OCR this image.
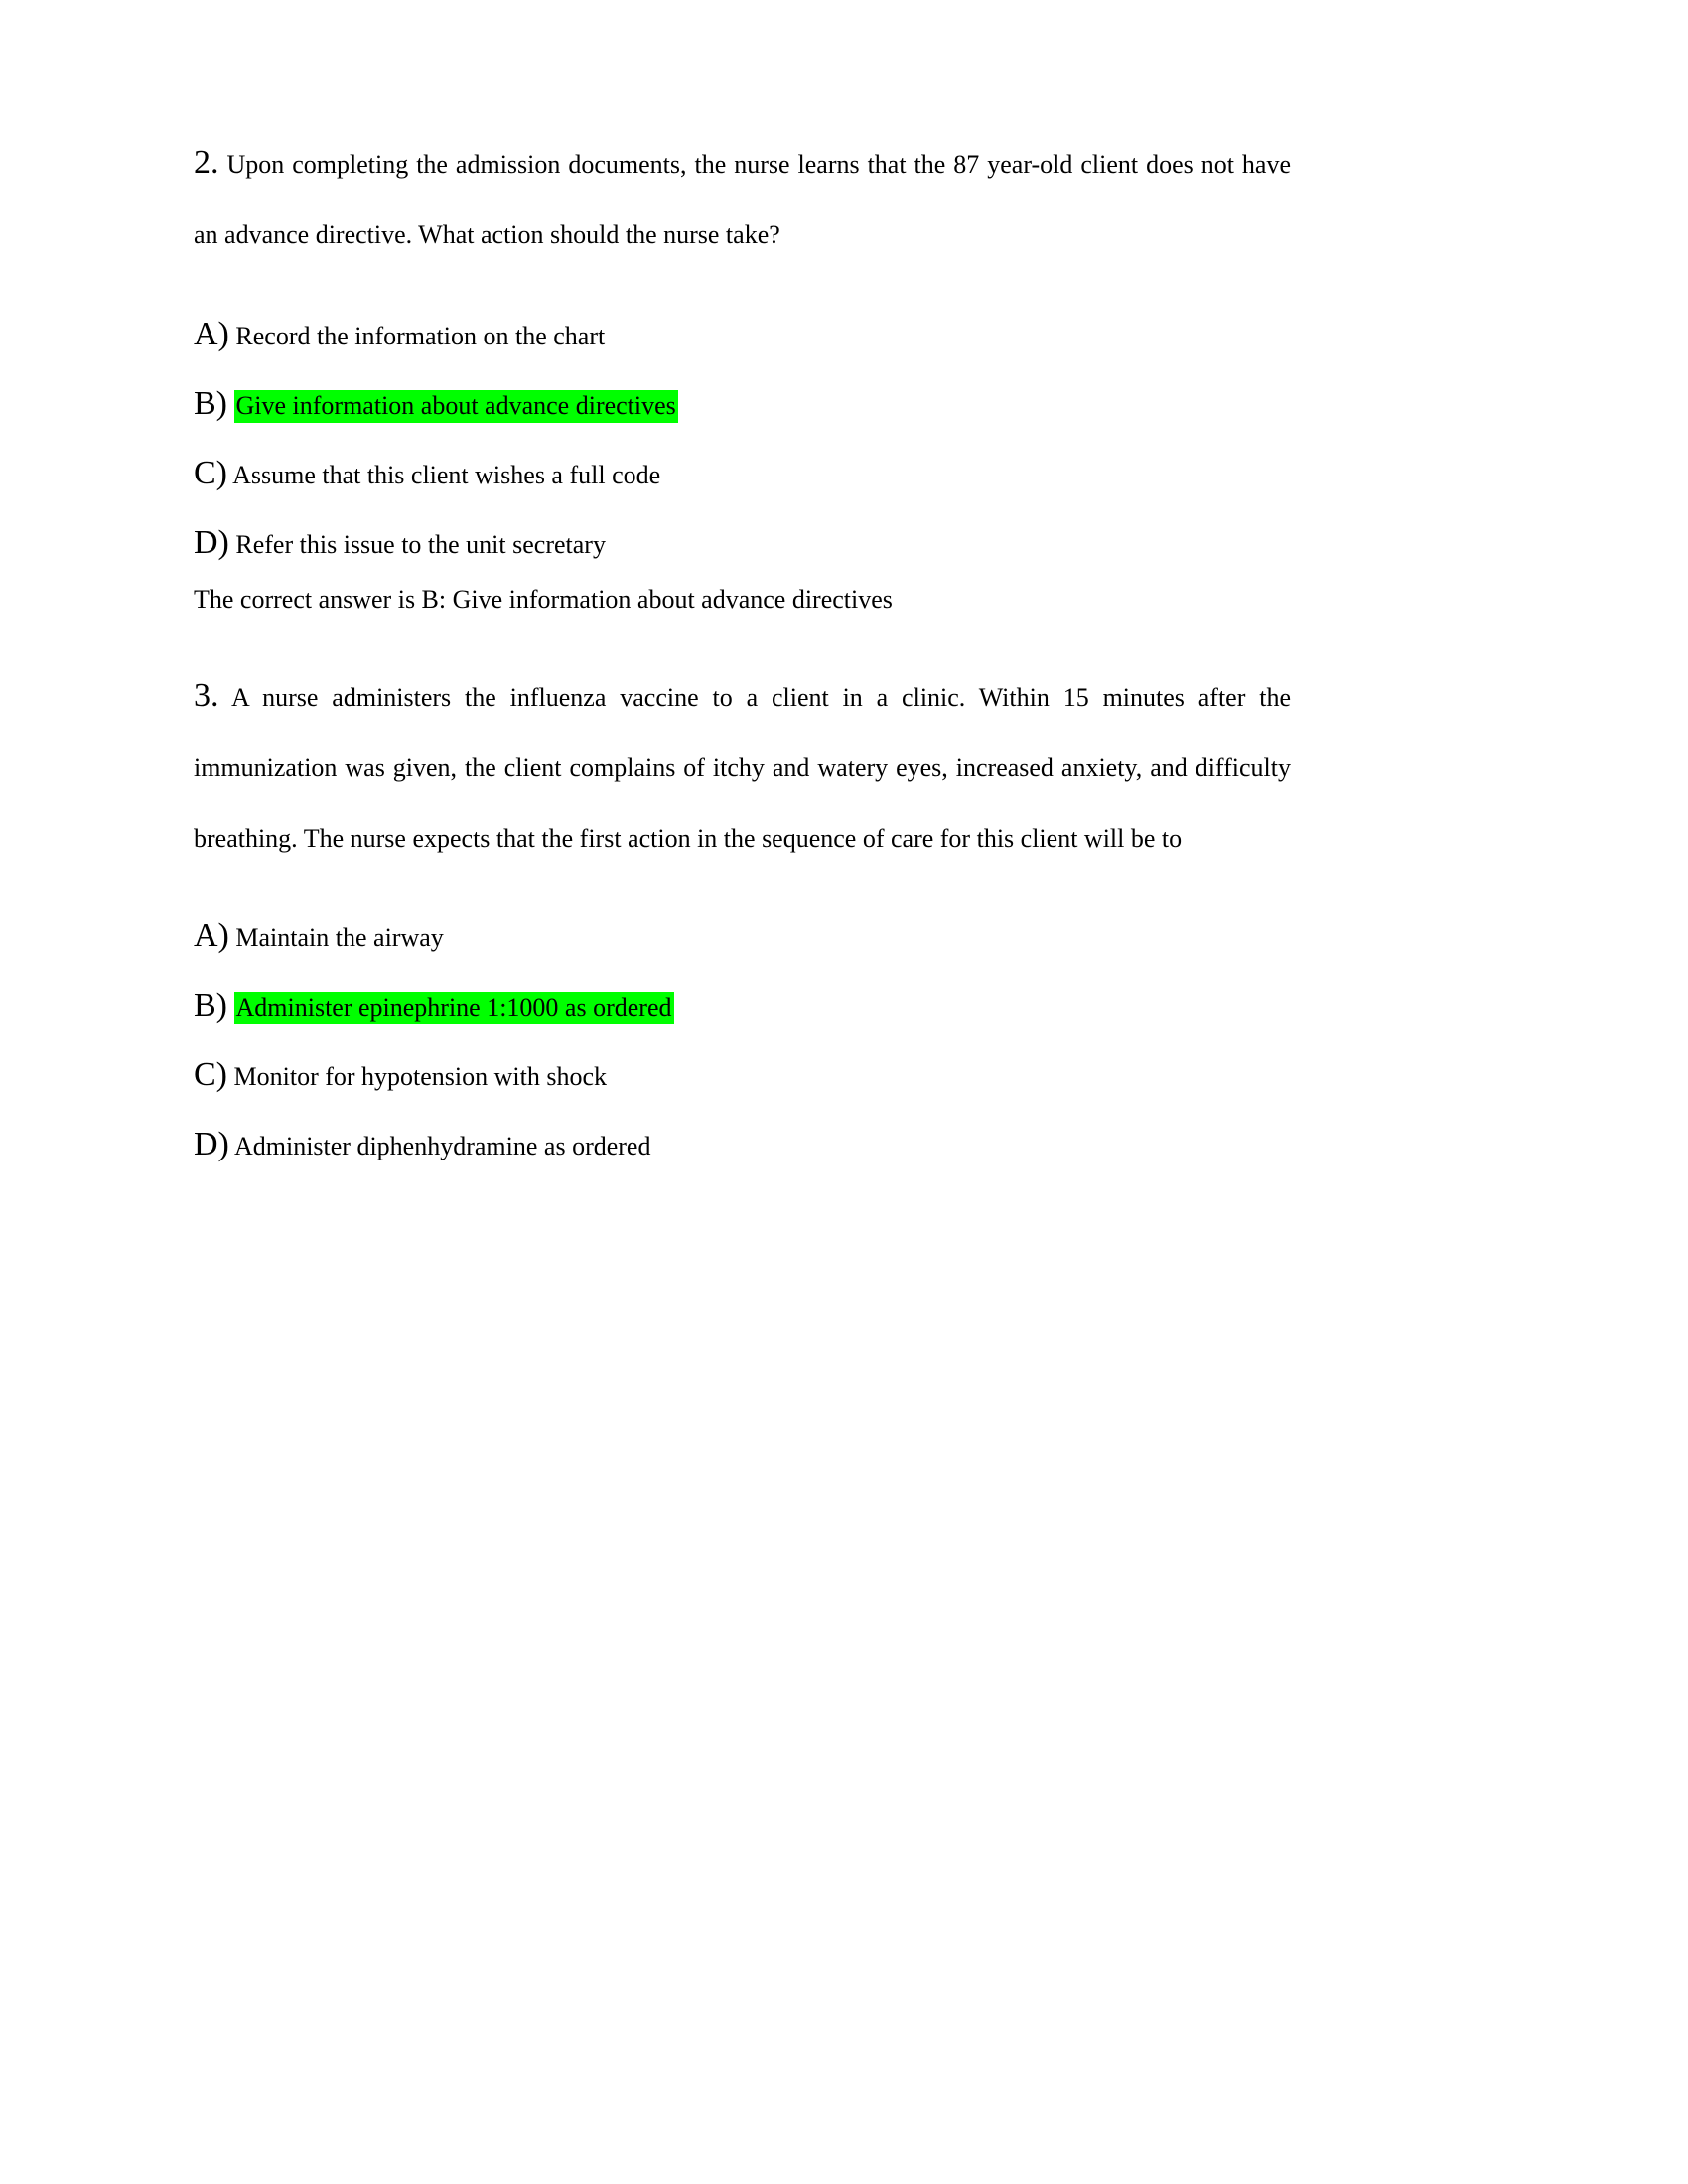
2. Upon completing the admission documents, the nurse learns that the 87 year-old client does not have an advance directive. What action should the nurse take?

A) Record the information on the chart

B) Give information about advance directives

C) Assume that this client wishes a full code

D) Refer this issue to the unit secretary

The correct answer is B: Give information about advance directives

3. A nurse administers the influenza vaccine to a client in a clinic. Within 15 minutes after the immunization was given, the client complains of itchy and watery eyes, increased anxiety, and difficulty breathing. The nurse expects that the first action in the sequence of care for this client will be to

A) Maintain the airway

B) Administer epinephrine 1:1000 as ordered

C) Monitor for hypotension with shock

D) Administer diphenhydramine as ordered
